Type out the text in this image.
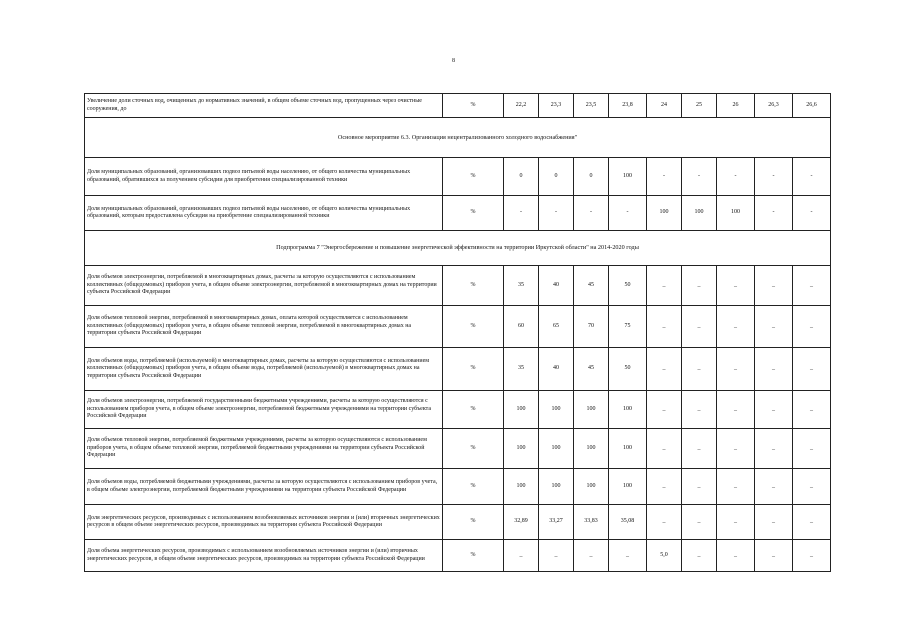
8
Увеличение доли сточных вод, очищенных до нормативных значений, в общем объеме сточных вод, пропущенных через очистные сооружения, до	%	22,2	23,3	23,5	23,8	24	25	26	26,3	26,6
Основное мероприятие 6.3. Организация нецентрализованного холодного водоснабжения"										
Доля муниципальных образований, организовавших подвоз питьевой воды населению, от общего количества муниципальных образований, обратившихся за получением субсидии для приобретения специализированной техники	%	0	0	0	100	-	-	-	-	-
Доля муниципальных образований, организовавших подвоз питьевой воды населению, от общего количества муниципальных образований, которым предоставлена субсидия на приобретение специализированной техники	%	-	-	-	-	100	100	100	-	-
Подпрограмма 7 "Энергосбережение и повышение энергетической эффективности на территории Иркутской области" на 2014-2020 годы										
Доля объемов электроэнергии, потребляемой в многоквартирных домах, расчеты за которую осуществляются с использованием коллективных (общедомовых) приборов учета, в общем объеме электроэнергии, потребляемой в многоквартирных домах на территории субъекта Российской Федерации	%	35	40	45	50	_	_	_	_	_
Доля объемов тепловой энергии, потребляемой в многоквартирных домах, оплата которой осуществляется с использованием коллективных (общедомовых) приборов учета, в общем объеме тепловой энергии, потребляемой в многоквартирных домах на территории субъекта Российской Федерации	%	60	65	70	75	_	_	_	_	_
Доля объемов воды, потребляемой (используемой) в многоквартирных домах, расчеты за которую осуществляются с использованием коллективных (общедомовых) приборов учета, в общем объеме воды, потребляемой (используемой) в многоквартирных домах на территории субъекта Российской Федерации	%	35	40	45	50	_	_	_	_	_
Доля объемов электроэнергии, потребляемой государственными бюджетными учреждениями, расчеты за которую осуществляются с использованием приборов учета, в общем объеме электроэнергии, потребляемой бюджетными учреждениями на территории субъекта Российской Федерации	%	100	100	100	100	_	_	_	_	_
Доля объемов тепловой энергии, потребляемой бюджетными учреждениями, расчеты за которую осуществляются с использованием приборов учета, в общем объеме тепловой энергии, потребляемой бюджетными учреждениями на территории субъекта Российской Федерации	%	100	100	100	100	_	_	_	_	_
Доля объемов воды, потребляемой бюджетными учреждениями, расчеты за которую осуществляются с использованием приборов учета, в общем объеме электроэнергии, потребляемой бюджетными учреждениями на территории субъекта Российской Федерации	%	100	100	100	100	_	_	_	_	_
Доля энергетических ресурсов, производимых с использованием возобновляемых источников энергии и (или) вторичных энергетических ресурсов в общем объеме энергетических ресурсов, производимых на территории субъекта Российской Федерации	%	32,89	33,27	33,83	35,08	_	_	_	_	_
Доля объема энергетических ресурсов, производимых с использованием возобновляемых источников энергии и (или) вторичных энергетических ресурсов, в общем объеме энергетических ресурсов, производимых на территории субъекта Российской Федерации	%	_	_	_	_	5,0	_	_	_	_
